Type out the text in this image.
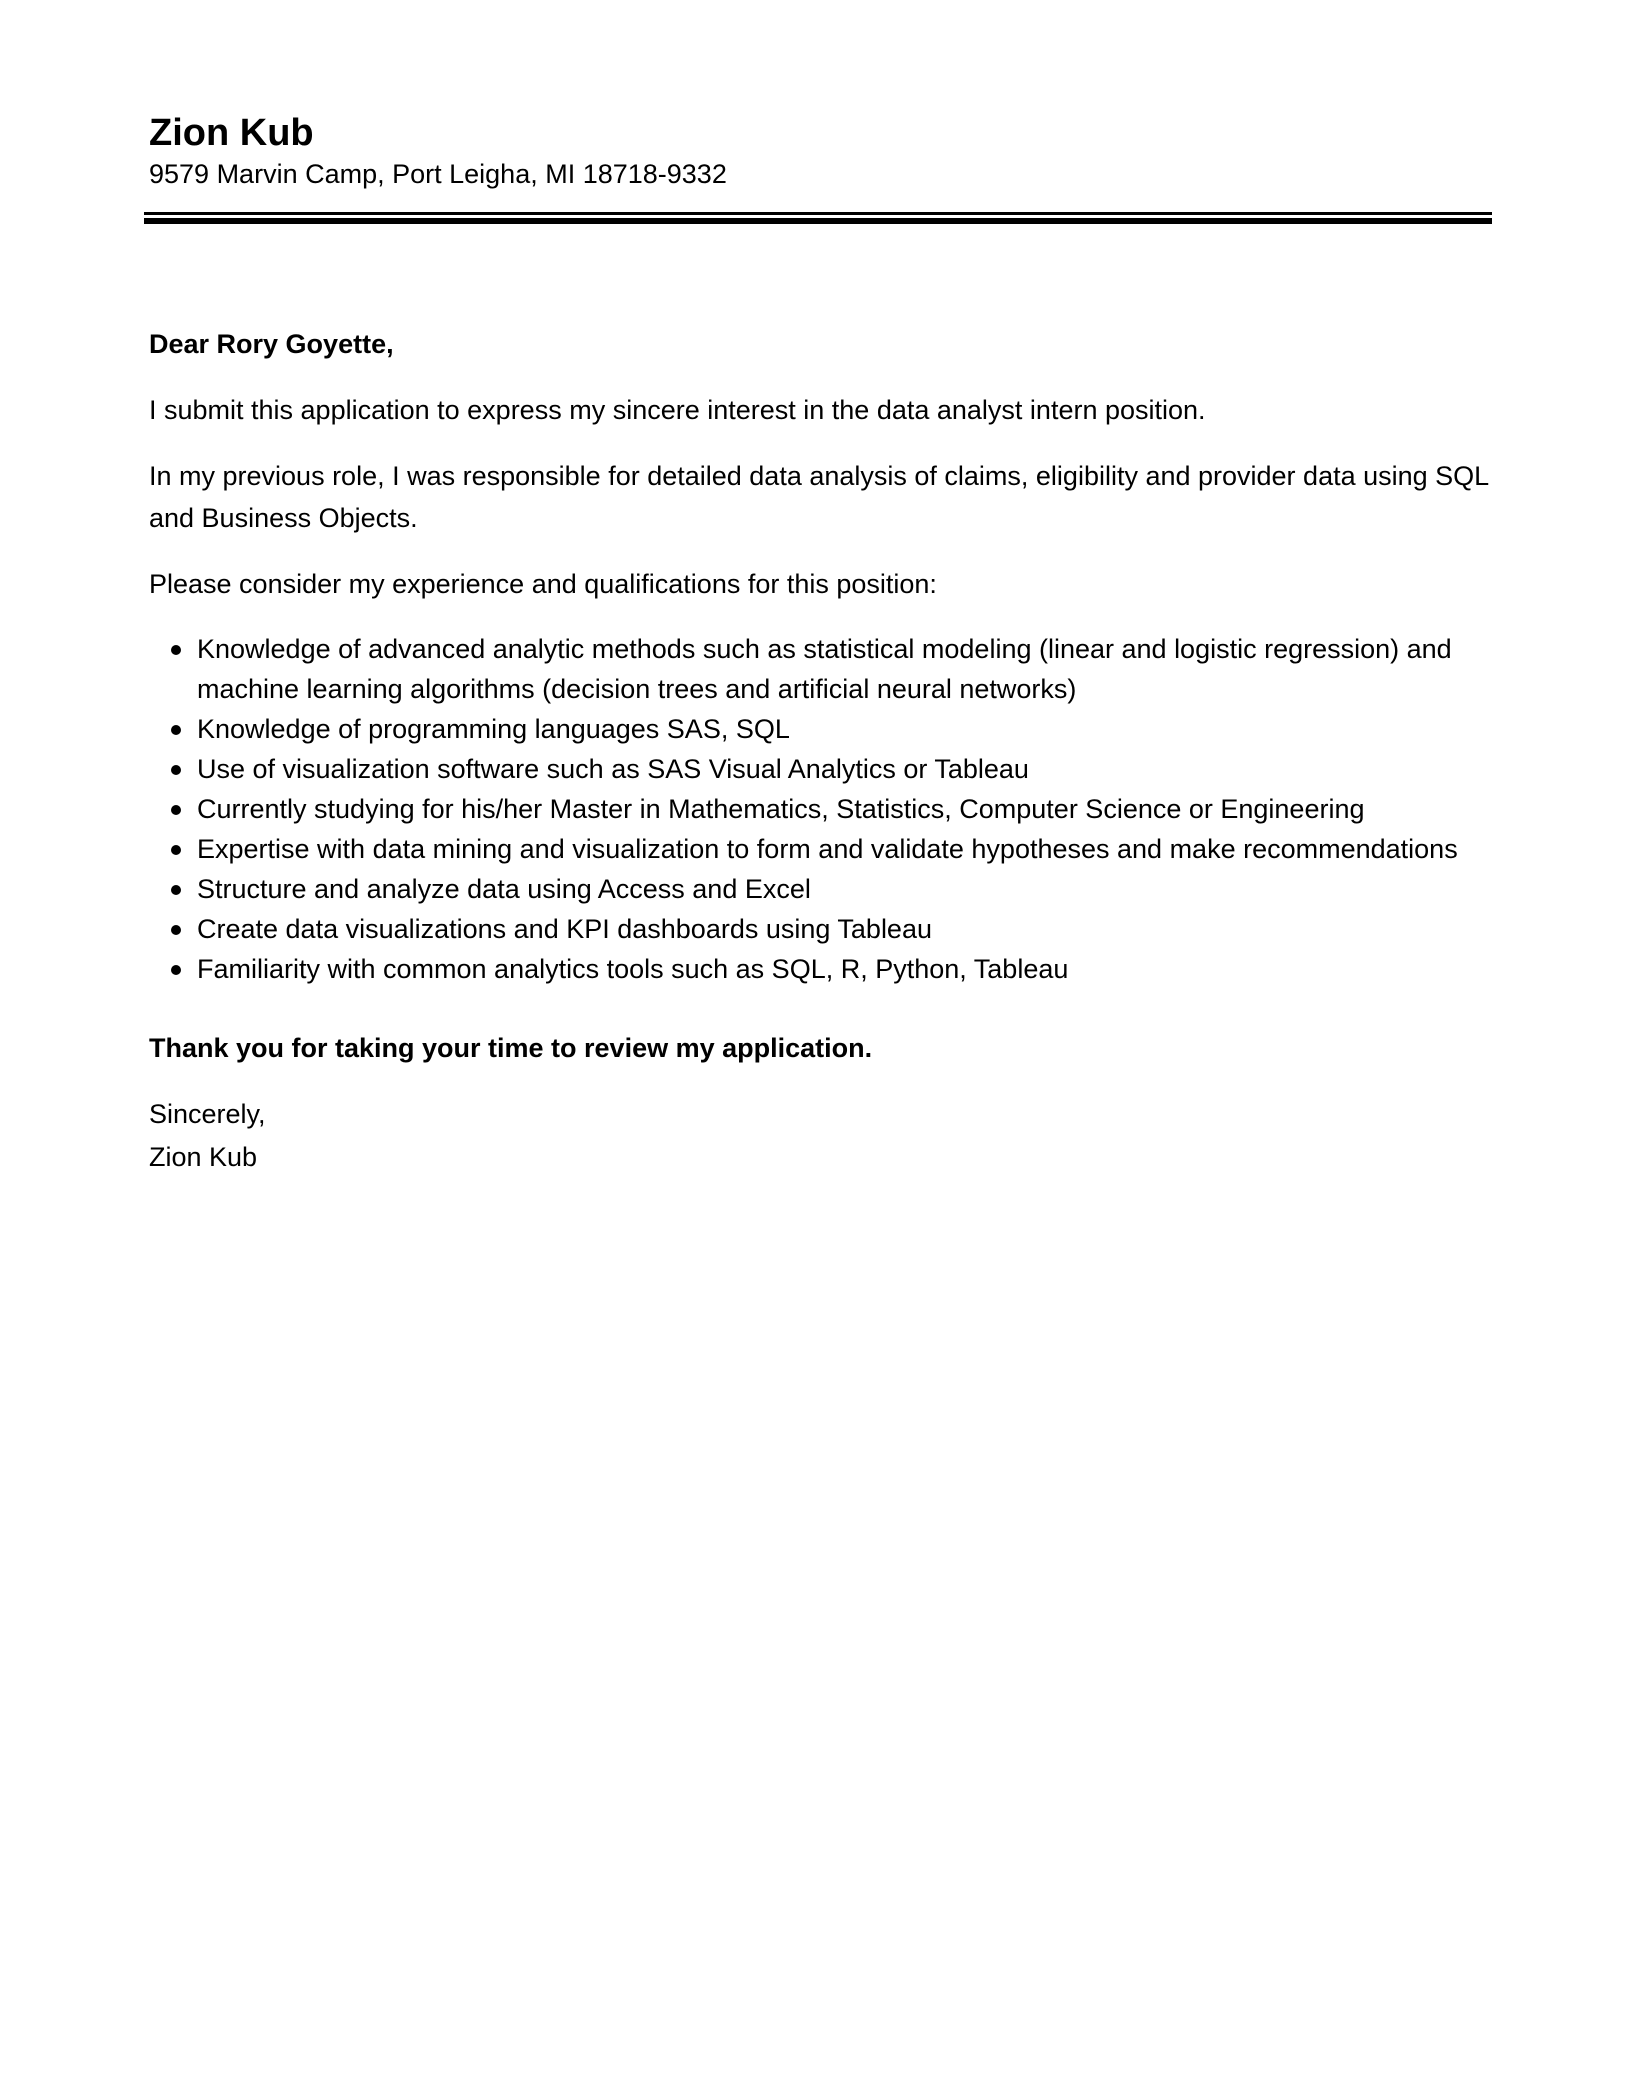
Zion Kub

9579 Marvin Camp, Port Leigha, MI 18718-9332

Dear Rory Goyette,

I submit this application to express my sincere interest in the data analyst intern position.

In my previous role, I was responsible for detailed data analysis of claims, eligibility and provider data using SQL and Business Objects.

Please consider my experience and qualifications for this position:

Knowledge of advanced analytic methods such as statistical modeling (linear and logistic regression) and machine learning algorithms (decision trees and artificial neural networks)
Knowledge of programming languages SAS, SQL
Use of visualization software such as SAS Visual Analytics or Tableau
Currently studying for his/her Master in Mathematics, Statistics, Computer Science or Engineering
Expertise with data mining and visualization to form and validate hypotheses and make recommendations
Structure and analyze data using Access and Excel
Create data visualizations and KPI dashboards using Tableau
Familiarity with common analytics tools such as SQL, R, Python, Tableau

Thank you for taking your time to review my application.

Sincerely,

Zion Kub
